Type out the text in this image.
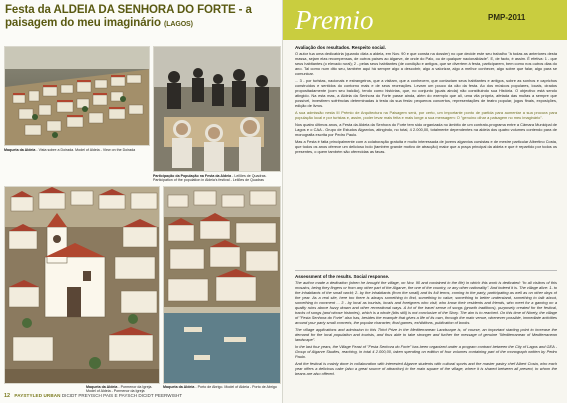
Festa da ALDEIA DA SENHORA DO FORTE - a paisagem do meu imaginário (LAGOS)
Maqueta da Aldeia - Vista sobre a Doirada. Model of Aldeia - View on the Doirada
Participação da População na Festa da Aldeia - Leilões de Quadras. Participation of the population in Aldeia's festival - Leilões de Quadras
Maqueta da Aldeia - Pormenor da Igreja. Model of Aldeia - Pormenor da Igreja
Maqueta da Aldeia - Porto de Abrigo. Model of Aldeia - Porto de Abrigo
12 PAYSTYLED URBAN DICIDT PREYISCH PAIS E PAYSCH DICIDT PEERWISHT
Premio	PMP-2011
Avaliação dos resultados. Respeito social.

O autor tua uma dedicatória (quando dizia a aldeia, em Nov. 90 e que consta na dossier) no que decide este seu trabalho "à todas as anteriores desta massa, sejam elas recompensas, de outros países ao álgarve, de onde do Palo, ou de qualquer nacionalidade". E, de facto, é assim. É efetiva: 1 - que seus habitantes (o elevado rural); 2 - pelas seus habitantes (de condição e antigos, que se divertem à festa, participarem, bem como nos outros dias do ano. Tal como num dito seu, também aqui há sempre algo a descobrir, algo a valorizar, algo a melhor conhecer, algo sobre que falar, algo para se comunicar.

... 3 - por turistas, nacionais e estrangeiros, que a visitam, que a conhecem, que contactam seus habitantes e antigos, sobre as sonhos e caprichos construídos e sentidos do contorno mais e de seus recreações. Levam um pouco da cão da festa. Ao dos músicos populares, locais, cirados propositadamente (com seu balcão), tendo como histórias, que, no conjunto (quais ainda) não constituindo sua História. O objectivo está sendo atingido. Na esta mas, a Aldeia da Senhora do Forte passe ainda, além do exemplo que ali, uma vila própria, afetada das multas a sempre que possível, investirem sofrências determinadas à testa da sua festa: pequenos concertos, representações de teatro popular, jogos finais, exposições, edição de livros.

A sua admissão nesta III Prémio de Arquitectura na Paisagem será, por certo, um importante ponto de partida para aumentar a sua procura para população local e por turistas e, assim, poder levar mais feita e mais longe a sua mensagem: O "genuíno olhar a paisagem no meu imaginário".

Nos quatro últimos anos, a Festa da Aldeia da Senhora do Forte tem sido organizada no âmbito de um contrato-programa entre a Câmara Municipal de Lagos e o CAA - Grupo de Estudos Algarvios, atingindo, no total, 4 2.000,00, totalmente dependentes na aldeia dos quatro volumes contendo para de monografia escrita por Pedro Paulo.

Mas a Festa é fatia principalmente com a colaboração gratuita e muito interessada de jovens algarvios cursistas e de mestre particular Albertino Costa, que todos os anos oferece um delicioso bolo (também grande motivo de atracção) maior que a praça principal da aldeia e que é repartido por todos os presentes, o quem também são oferecidas as favas.

Assessment of the results. Social response.

The author made a dedication (when he brought the village, on Nov. 90 and contained in the file) in which this work is dedicated: "to all visitors of this mosaics, being they fingers or from any other part of the Algarve, the one of the country, or any other nationality". And indeed it is. The village alive: 1- to the inhabitants of the small world; 2- by the inhabitants (from the small) and its full terms, coming to the party, participating as well as on other days of the year. As a real site, here too there is always something to find, something to value, something to better understand, something to talk about, something to comment ... 3 - by local as tourists, locals and foreigners who visit, who know their residents and friends, who meet for a gaming on a quality ruins above fuzzy drawn and other recreational ways. A lot of the travel sense of songs (growth traditions), purposely created for the festival, tracks of songs (and whose histories), which is a whole (bits still) is not conclusive of the Story. The aim is to reached. On this time of Ninety, the village of "Festa Senhora do Forte" also has, besides the example that gives a life of its own, through the main venue, whenever possible, immediate activities around your party small concerts, the popular character, final games, exhibitions, publication of books.

The village applications and admission to this Third Prize in the Mediterranean Landscape is, of course, an important starting point to increase the demand for the local population and tourists, and thus able to take stronger and further the message of genuine "Mediterranean of Mediterranean landscape".

In the last four years, the Village Feast of "Festa Senhora do Forte" has been organized under a program contract between the City of Lagos and GEA - Group of Algarve Studies, reaching, in total 4 2.000,00, taken spending on edition of four volumes containing part of the monograph written by Pedro Paulo.

And the festival is mainly done in collaboration with interested Algarve students with cultural sports and the master pastry chef Albert Costa, who each year offers a delicious cake (also a great source of attraction) in the main square of the village, where it is shared between all present, to whom the beans are also offered.
